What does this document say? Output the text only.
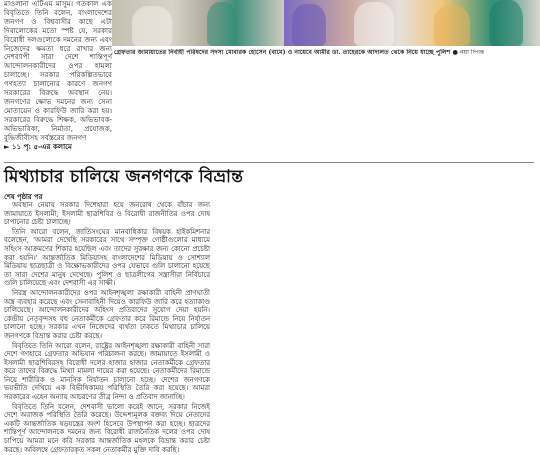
মাওলানা এটিএম মাসুম। গতকাল এক বিবৃতিতে তিনি বলেন, বাংলাদেশের জনগণ ও বিশ্ববাসীর কাছে এটা দিবালোকের মতো স্পষ্ট যে, সরকার বিরোধী দলগুলোকে দমনের জন্য এবং নিজেদের ক্ষমতা ধরে রাখার জন্য দেশব্যাপী সারা দেশে শান্তিপূর্ণ আন্দোলনকারীদের ওপর হামলা চালাচ্ছে। সরকার পরিকল্পিতভাবে গণহত্যা চালানোর কারণে জনগণ সরকারের বিরুদ্ধে অবস্থান নেয়। জনগণের ক্ষোভ দমনের জন্য সেনা মোতায়েন ও কারফিউ জারি করা হয়। সরকারের বিরুদ্ধে শিক্ষক, অভিভাবক-অভিভাবিকা, নির্মাতা, প্রযোজক, বুদ্ধিজীবীসহ সর্বস্তরের জনগণ

► ১১ পৃ: ৫-এর কলামে

গ্রেফতার জামায়াতের নির্বাহী পরিষদের সদস্য মোবারক হোসেন (বামে) ও নায়েবে আমীর ডা. তাহেরকে আদালত থেকে নিয়ে যাচ্ছে পুলিশ ● নয়া দিগন্ত
মিথ্যাচার চালিয়ে জনগণকে বিভ্রান্ত
শেষ পৃষ্ঠার পর

অবস্থান নেয়ায় সরকার দিশেহারা হয়ে জনরোষ থেকে বাঁচার জন্য জামায়াতে ইসলামী, ইসলামী ছাত্রশিবির ও বিরোধী রাজনীতির ওপর দোষ চাপানোর চেষ্টা চালাচ্ছে।

তিনি আরো বলেন, জাতিসংঘের মানবাধিকার বিষয়ক হাইকমিশনার বলেছেন, 'আমরা দেখেছি সরকারের সাথে সম্পৃক্ত গোষ্ঠীগুলোর মাধ্যমে সহিংস আক্রমণের শিকার হয়েছিল এবং তাদের সুরক্ষার জন্য কোনো প্রচেষ্টা করা হয়নি।' আন্তর্জাতিক মিডিয়াসহ বাংলাদেশের মিডিয়ায় ও সোশ্যাল মিডিয়ায় ছাত্রছাত্রী ও বিক্ষোভকারীদের ওপর যেভাবে গুলি চালানো হয়েছে তা সারা দেশের মানুষ দেখেছে। পুলিশ ও ছাত্রলীগের সন্ত্রাসীরা নির্বিচারে গুলি চালিয়েছে এবং দেশবাসী এর সাক্ষী।

নিরস্ত্র আন্দোলনকারীদের ওপর আইনশৃঙ্খলা রক্ষাকারী বাহিনী প্রাণঘাতী অস্ত্র ব্যবহার করেছে এবং সেনাবাহিনী দিয়েও কারফিউ জারি করে হত্যাকাণ্ড চালিয়েছে। আন্দোলনকারীদের অহিংস প্রতিবাদের সুযোগ দেয়া হয়নি। কেন্দ্রীয় নেতৃবৃন্দসহ বহু নেতাকর্মীকে গ্রেফতার করে রিমান্ডে নিয়ে নির্যাতন চালানো হচ্ছে। সরকার এখন নিজেদের ব্যর্থতা ঢাকতে মিথ্যাচার চালিয়ে জনগণকে বিভ্রান্ত করার চেষ্টা করছে।

বিবৃতিতে তিনি আরো বলেন, রাষ্ট্রের আইনশৃঙ্খলা রক্ষাকারী বাহিনী সারা দেশে গণহারে গ্রেফতার অভিযান পরিচালনা করছে। জামায়াতে ইসলামী ও ইসলামী ছাত্রশিবিরসহ বিরোধী দলের হাজার হাজার নেতাকর্মীকে গ্রেফতার করে তাদের বিরুদ্ধে মিথ্যা মামলা দায়ের করা হয়েছে। নেতাকর্মীদের রিমান্ডে নিয়ে শারীরিক ও মানসিক নির্যাতন চালানো হচ্ছে। দেশের জনগণকে ভয়ভীতি দেখিয়ে এক বিভীষিকাময় পরিস্থিতি তৈরি করা হয়েছে। আমরা সরকারের এহেন অন্যায় আচরণের তীব্র নিন্দা ও প্রতিবাদ জানাচ্ছি।

বিবৃতিতে তিনি বলেন, দেশবাসী ভালো করেই জানে, সরকার নিজেই দেশে অরাজক পরিস্থিতি তৈরি করেছে। উদ্দেশ্যমূলক বক্তব্য দিয়ে নেতাদের একটি আন্তর্জাতিক ষড়যন্ত্রের অংশ হিসেবে উপস্থাপন করা হচ্ছে। ছাত্রদের শান্তিপূর্ণ আন্দোলনকে দমনের জন্য বিরোধী রাজনৈতিক দলের ওপর দোষ চাপিয়ে আমরা মনে করি সরকার আন্তর্জাতিক মহলকে বিভ্রান্ত করার চেষ্টা করছে। অবিলম্বে গ্রেফতারকৃত সকল নেতাকর্মীর মুক্তি দাবি করছি।
